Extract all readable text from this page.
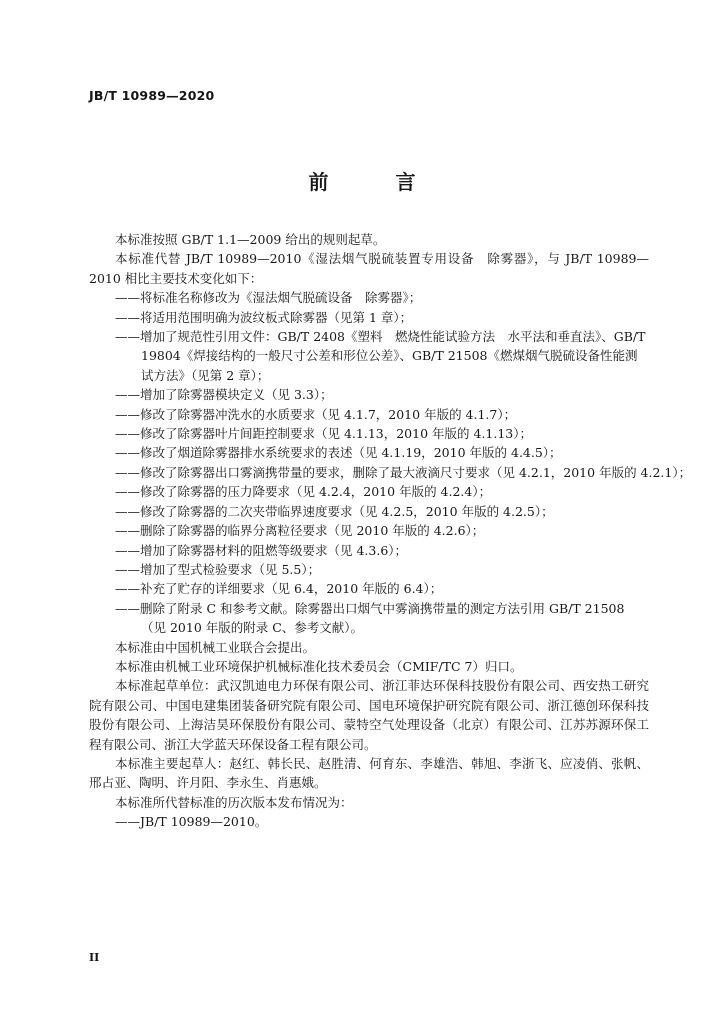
JB/T 10989—2020
前 言
本标准按照 GB/T 1.1—2009 给出的规则起草。
本标准代替 JB/T 10989—2010《湿法烟气脱硫装置专用设备　除雾器》，与 JB/T 10989—2010 相比主要技术变化如下：
——将标准名称修改为《湿法烟气脱硫设备　除雾器》；
——将适用范围明确为波纹板式除雾器（见第 1 章）；
——增加了规范性引用文件：GB/T 2408《塑料　燃烧性能试验方法　水平法和垂直法》、GB/T 19804《焊接结构的一般尺寸公差和形位公差》、GB/T 21508《燃煤烟气脱硫设备性能测试方法》（见第 2 章）；
——增加了除雾器模块定义（见 3.3）；
——修改了除雾器冲洗水的水质要求（见 4.1.7，2010 年版的 4.1.7）；
——修改了除雾器叶片间距控制要求（见 4.1.13，2010 年版的 4.1.13）；
——修改了烟道除雾器排水系统要求的表述（见 4.1.19，2010 年版的 4.4.5）；
——修改了除雾器出口雾滴携带量的要求，删除了最大液滴尺寸要求（见 4.2.1，2010 年版的 4.2.1）；
——修改了除雾器的压力降要求（见 4.2.4，2010 年版的 4.2.4）；
——修改了除雾器的二次夹带临界速度要求（见 4.2.5，2010 年版的 4.2.5）；
——删除了除雾器的临界分离粒径要求（见 2010 年版的 4.2.6）；
——增加了除雾器材料的阻燃等级要求（见 4.3.6）；
——增加了型式检验要求（见 5.5）；
——补充了贮存的详细要求（见 6.4，2010 年版的 6.4）；
——删除了附录 C 和参考文献。除雾器出口烟气中雾滴携带量的测定方法引用 GB/T 21508（见 2010 年版的附录 C、参考文献）。
本标准由中国机械工业联合会提出。
本标准由机械工业环境保护机械标准化技术委员会（CMIF/TC 7）归口。
本标准起草单位：武汉凯迪电力环保有限公司、浙江菲达环保科技股份有限公司、西安热工研究院有限公司、中国电建集团装备研究院有限公司、国电环境保护研究院有限公司、浙江德创环保科技股份有限公司、上海洁昊环保股份有限公司、蒙特空气处理设备（北京）有限公司、江苏苏源环保工程有限公司、浙江大学蓝天环保设备工程有限公司。
本标准主要起草人：赵红、韩长民、赵胜清、何育东、李雄浩、韩旭、李浙飞、应凌俏、张帆、邢占亚、陶明、许月阳、李永生、肖惠娥。
本标准所代替标准的历次版本发布情况为：
——JB/T 10989—2010。
II
